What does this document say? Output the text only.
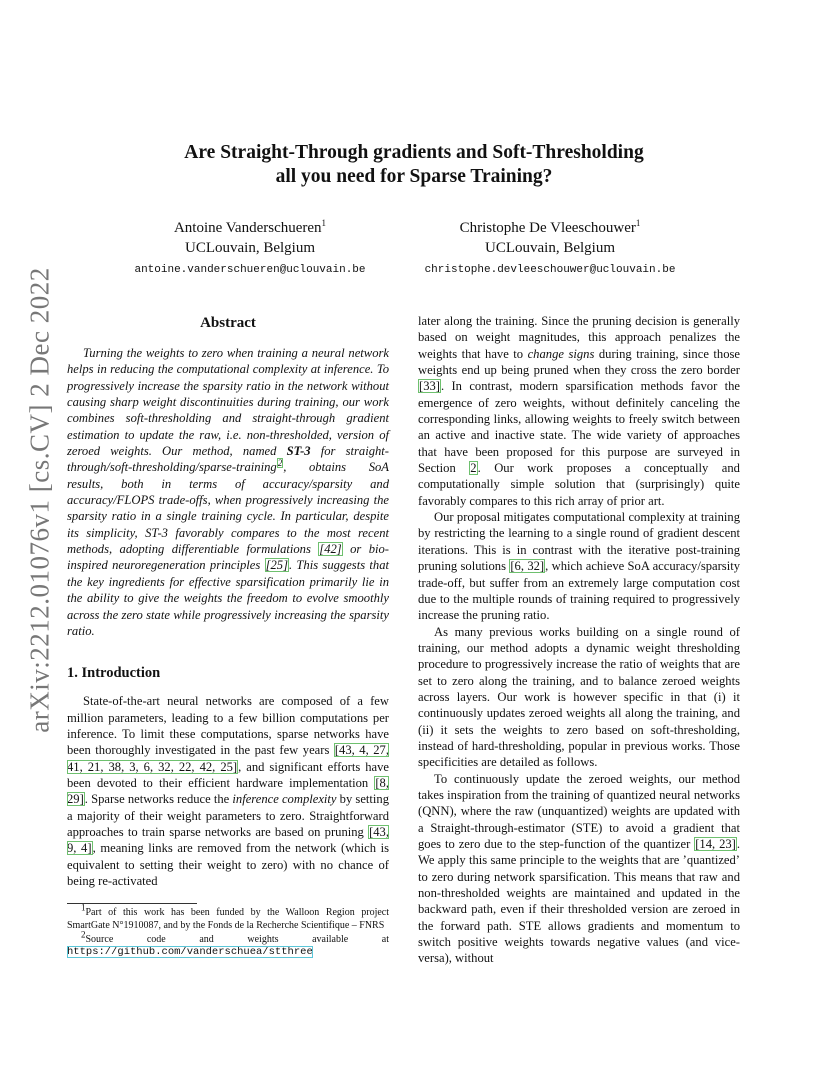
arXiv:2212.01076v1 [cs.CV] 2 Dec 2022
Are Straight-Through gradients and Soft-Thresholding
all you need for Sparse Training?
Antoine Vanderschueren$^1$
UCLouvain, Belgium
antoine.vanderschueren@uclouvain.be
Christophe De Vleeschouwer$^1$
UCLouvain, Belgium
christophe.devleeschouwer@uclouvain.be
Abstract

Turning the weights to zero when training a neural network helps in reducing the computational complexity at inference. To progressively increase the sparsity ratio in the network without causing sharp weight discontinuities during training, our work combines soft-thresholding and straight-through gradient estimation to update the raw, i.e. non-thresholded, version of zeroed weights. Our method, named ST-3 for straight-through/soft-thresholding/sparse-training$^2$, obtains SoA results, both in terms of accuracy/sparsity and accuracy/FLOPS trade-offs, when progressively increasing the sparsity ratio in a single training cycle. In particular, despite its simplicity, ST-3 favorably compares to the most recent methods, adopting differentiable formulations [42] or bio-inspired neuroregeneration principles [25]. This suggests that the key ingredients for effective sparsification primarily lie in the ability to give the weights the freedom to evolve smoothly across the zero state while progressively increasing the sparsity ratio.

1. Introduction

State-of-the-art neural networks are composed of a few million parameters, leading to a few billion computations per inference. To limit these computations, sparse networks have been thoroughly investigated in the past few years [43, 4, 27, 41, 21, 38, 3, 6, 32, 22, 42, 25], and significant efforts have been devoted to their efficient hardware implementation [8, 29]. Sparse networks reduce the inference complexity by setting a majority of their weight parameters to zero. Straightforward approaches to train sparse networks are based on pruning [43, 9, 4], meaning links are removed from the network (which is equivalent to setting their weight to zero) with no chance of being re-activated

$^1$Part of this work has been funded by the Walloon Region project SmartGate N°1910087, and by the Fonds de la Recherche Scientifique – FNRS

$^2$Source code and weights available at https://github.com/vanderschuea/stthree

later along the training. Since the pruning decision is generally based on weight magnitudes, this approach penalizes the weights that have to change signs during training, since those weights end up being pruned when they cross the zero border [33]. In contrast, modern sparsification methods favor the emergence of zero weights, without definitely canceling the corresponding links, allowing weights to freely switch between an active and inactive state. The wide variety of approaches that have been proposed for this purpose are surveyed in Section 2. Our work proposes a conceptually and computationally simple solution that (surprisingly) quite favorably compares to this rich array of prior art.

Our proposal mitigates computational complexity at training by restricting the learning to a single round of gradient descent iterations. This is in contrast with the iterative post-training pruning solutions [6, 32], which achieve SoA accuracy/sparsity trade-off, but suffer from an extremely large computation cost due to the multiple rounds of training required to progressively increase the pruning ratio.

As many previous works building on a single round of training, our method adopts a dynamic weight thresholding procedure to progressively increase the ratio of weights that are set to zero along the training, and to balance zeroed weights across layers. Our work is however specific in that (i) it continuously updates zeroed weights all along the training, and (ii) it sets the weights to zero based on soft-thresholding, instead of hard-thresholding, popular in previous works. Those specificities are detailed as follows.

To continuously update the zeroed weights, our method takes inspiration from the training of quantized neural networks (QNN), where the raw (unquantized) weights are updated with a Straight-through-estimator (STE) to avoid a gradient that goes to zero due to the step-function of the quantizer [14, 23]. We apply this same principle to the weights that are ’quantized’ to zero during network sparsification. This means that raw and non-thresholded weights are maintained and updated in the backward path, even if their thresholded version are zeroed in the forward path. STE allows gradients and momentum to switch positive weights towards negative values (and vice-versa), without
